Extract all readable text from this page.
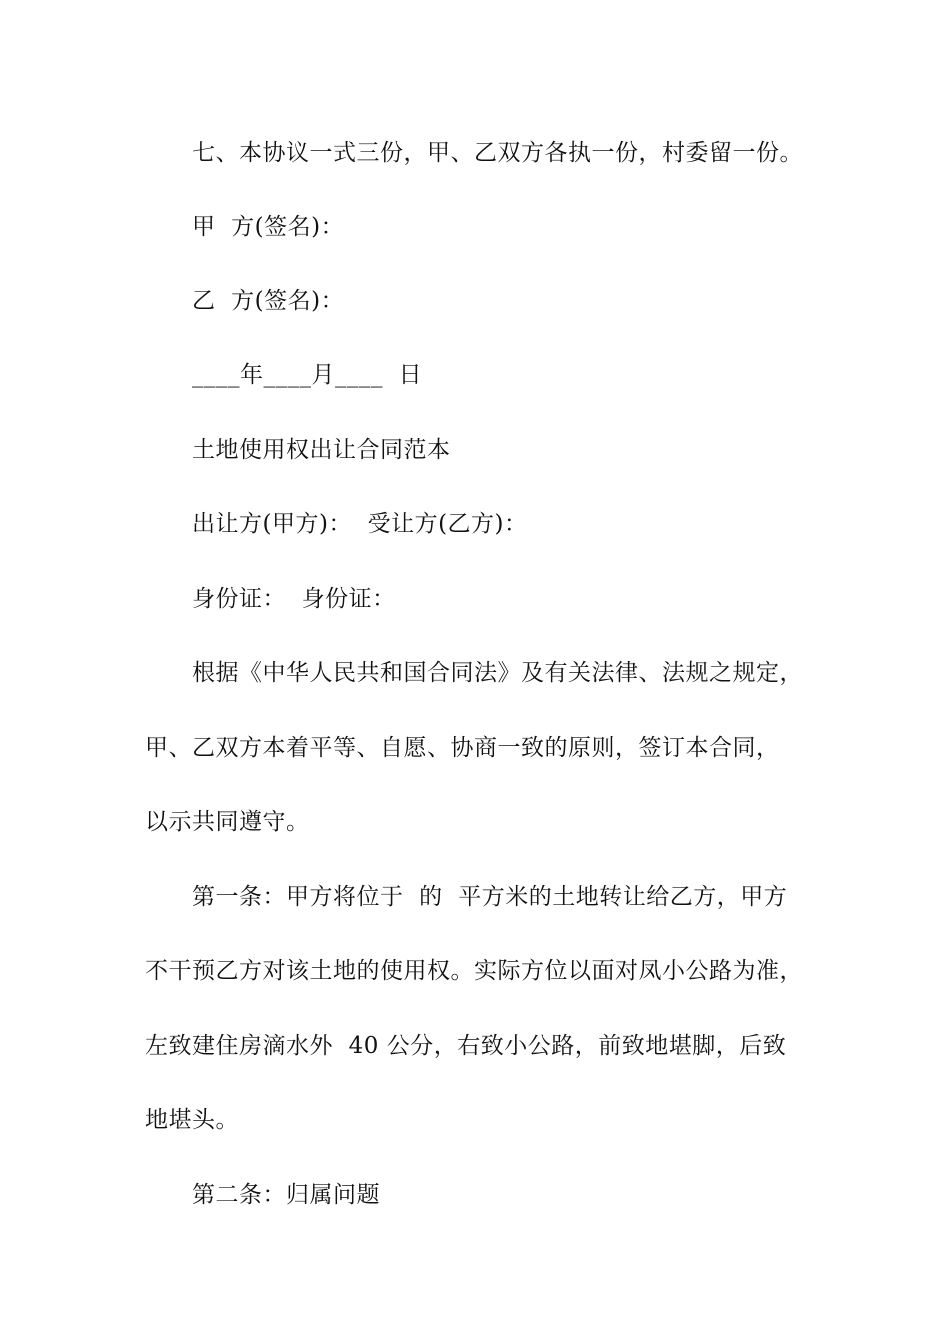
七、本协议一式三份，甲、乙双方各执一份，村委留一份。
甲  方(签名)：
乙  方(签名)：
____年____月____  日
土地使用权出让合同范本
出让方(甲方)：  受让方(乙方)：
身份证：  身份证：
根据《中华人民共和国合同法》及有关法律、法规之规定，
甲、乙双方本着平等、自愿、协商一致的原则，签订本合同，
以示共同遵守。
第一条：甲方将位于  的  平方米的土地转让给乙方，甲方
不干预乙方对该土地的使用权。实际方位以面对凤小公路为准，
左致建住房滴水外  40 公分，右致小公路，前致地堪脚，后致
地堪头。
第二条：归属问题
